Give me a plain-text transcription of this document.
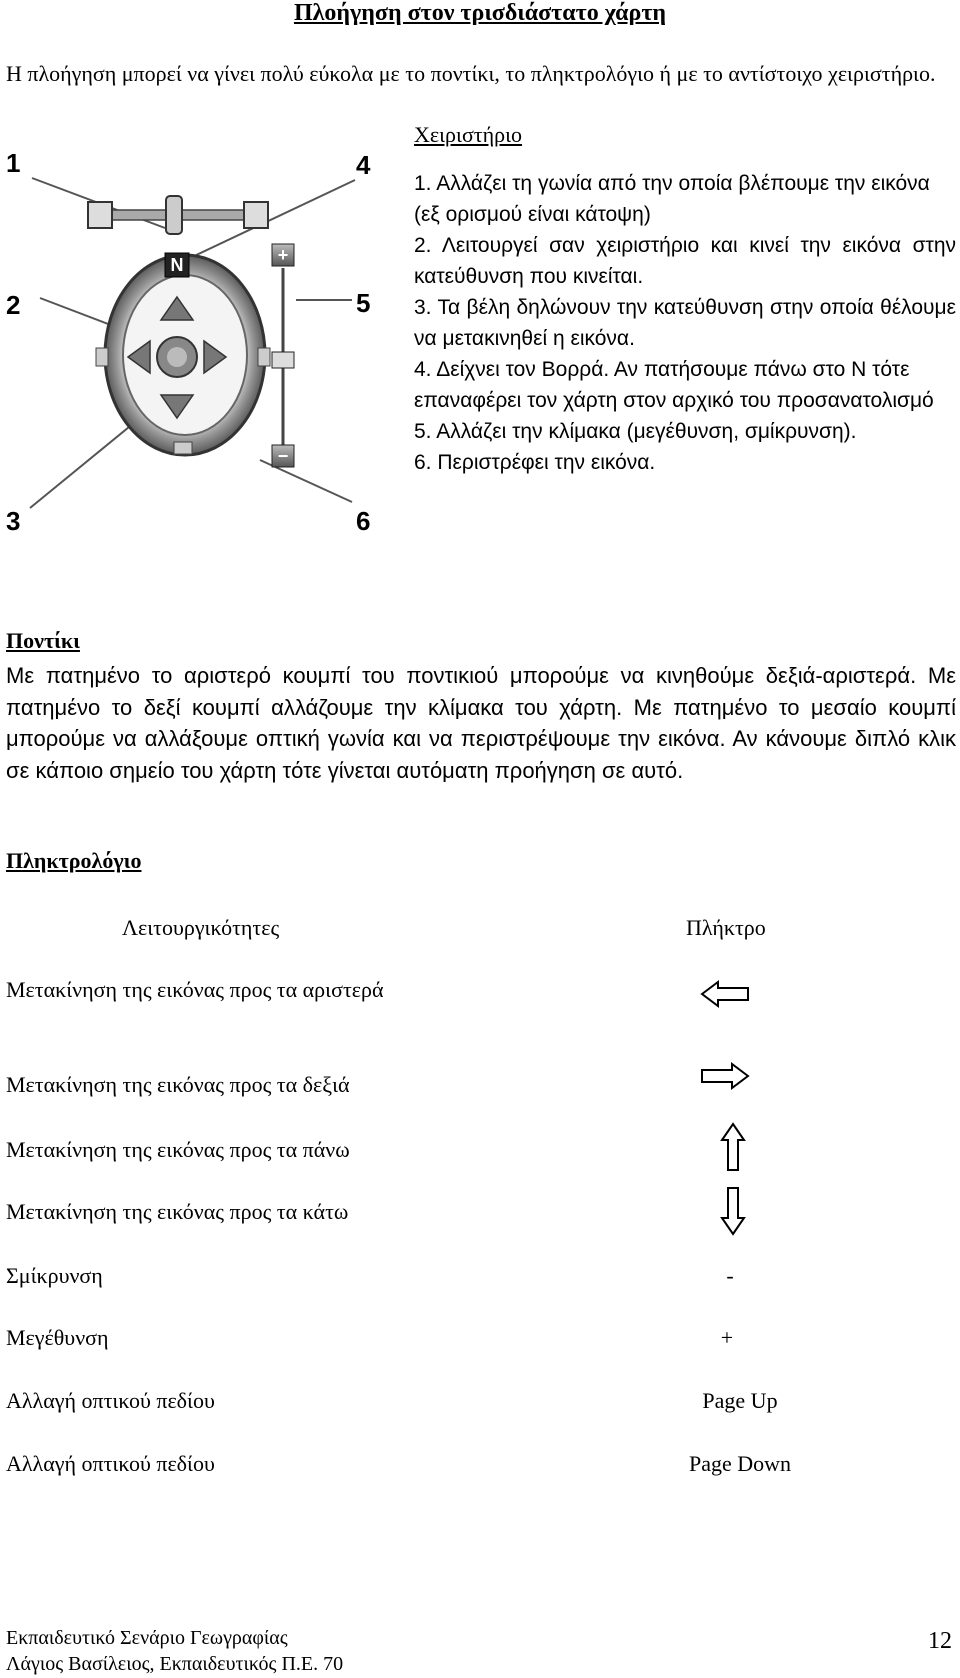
Πλοήγηση στον τρισδιάστατο χάρτη
Η πλοήγηση μπορεί να γίνει πολύ εύκολα με το ποντίκι, το πληκτρολόγιο ή με το αντίστοιχο χειριστήριο.
Χειριστήριο
N	+
−
1
2
3
4
5
6

1. Αλλάζει τη γωνία από την οποία βλέπουμε την εικόνα (εξ ορισμού είναι κάτοψη)

2. Λειτουργεί σαν χειριστήριο και κινεί την εικόνα στην κατεύθυνση που κινείται.

3. Τα βέλη δηλώνουν την κατεύθυνση στην οποία θέλουμε να μετακινηθεί η εικόνα.

4. Δείχνει τον Βορρά. Αν πατήσουμε πάνω στο Ν τότε επαναφέρει τον χάρτη στον αρχικό του προσανατολισμό

5. Αλλάζει την κλίμακα (μεγέθυνση, σμίκρυνση).

6. Περιστρέφει την εικόνα.

Ποντίκι
Με πατημένο το αριστερό κουμπί του ποντικιού μπορούμε να κινηθούμε δεξιά-αριστερά. Με πατημένο το δεξί κουμπί αλλάζουμε την κλίμακα του χάρτη. Με πατημένο το μεσαίο κουμπί μπορούμε να αλλάξουμε οπτική γωνία και να περιστρέψουμε την εικόνα. Αν κάνουμε διπλό κλικ σε κάποιο σημείο του χάρτη τότε γίνεται αυτόματη προήγηση σε αυτό.
Πληκτρολόγιο
Λειτουργικότητες	Πλήκτρο
Μετακίνηση της εικόνας προς τα αριστερά
Μετακίνηση της εικόνας προς τα δεξιά
Μετακίνηση της εικόνας προς τα πάνω
Μετακίνηση της εικόνας προς τα κάτω
Σμίκρυνση	-
Μεγέθυνση	+
Αλλαγή οπτικού πεδίου	Page Up
Αλλαγή οπτικού πεδίου	Page Down
Εκπαιδευτικό Σενάριο Γεωγραφίας
Λάγιος Βασίλειος, Εκπαιδευτικός Π.Ε. 70
12
